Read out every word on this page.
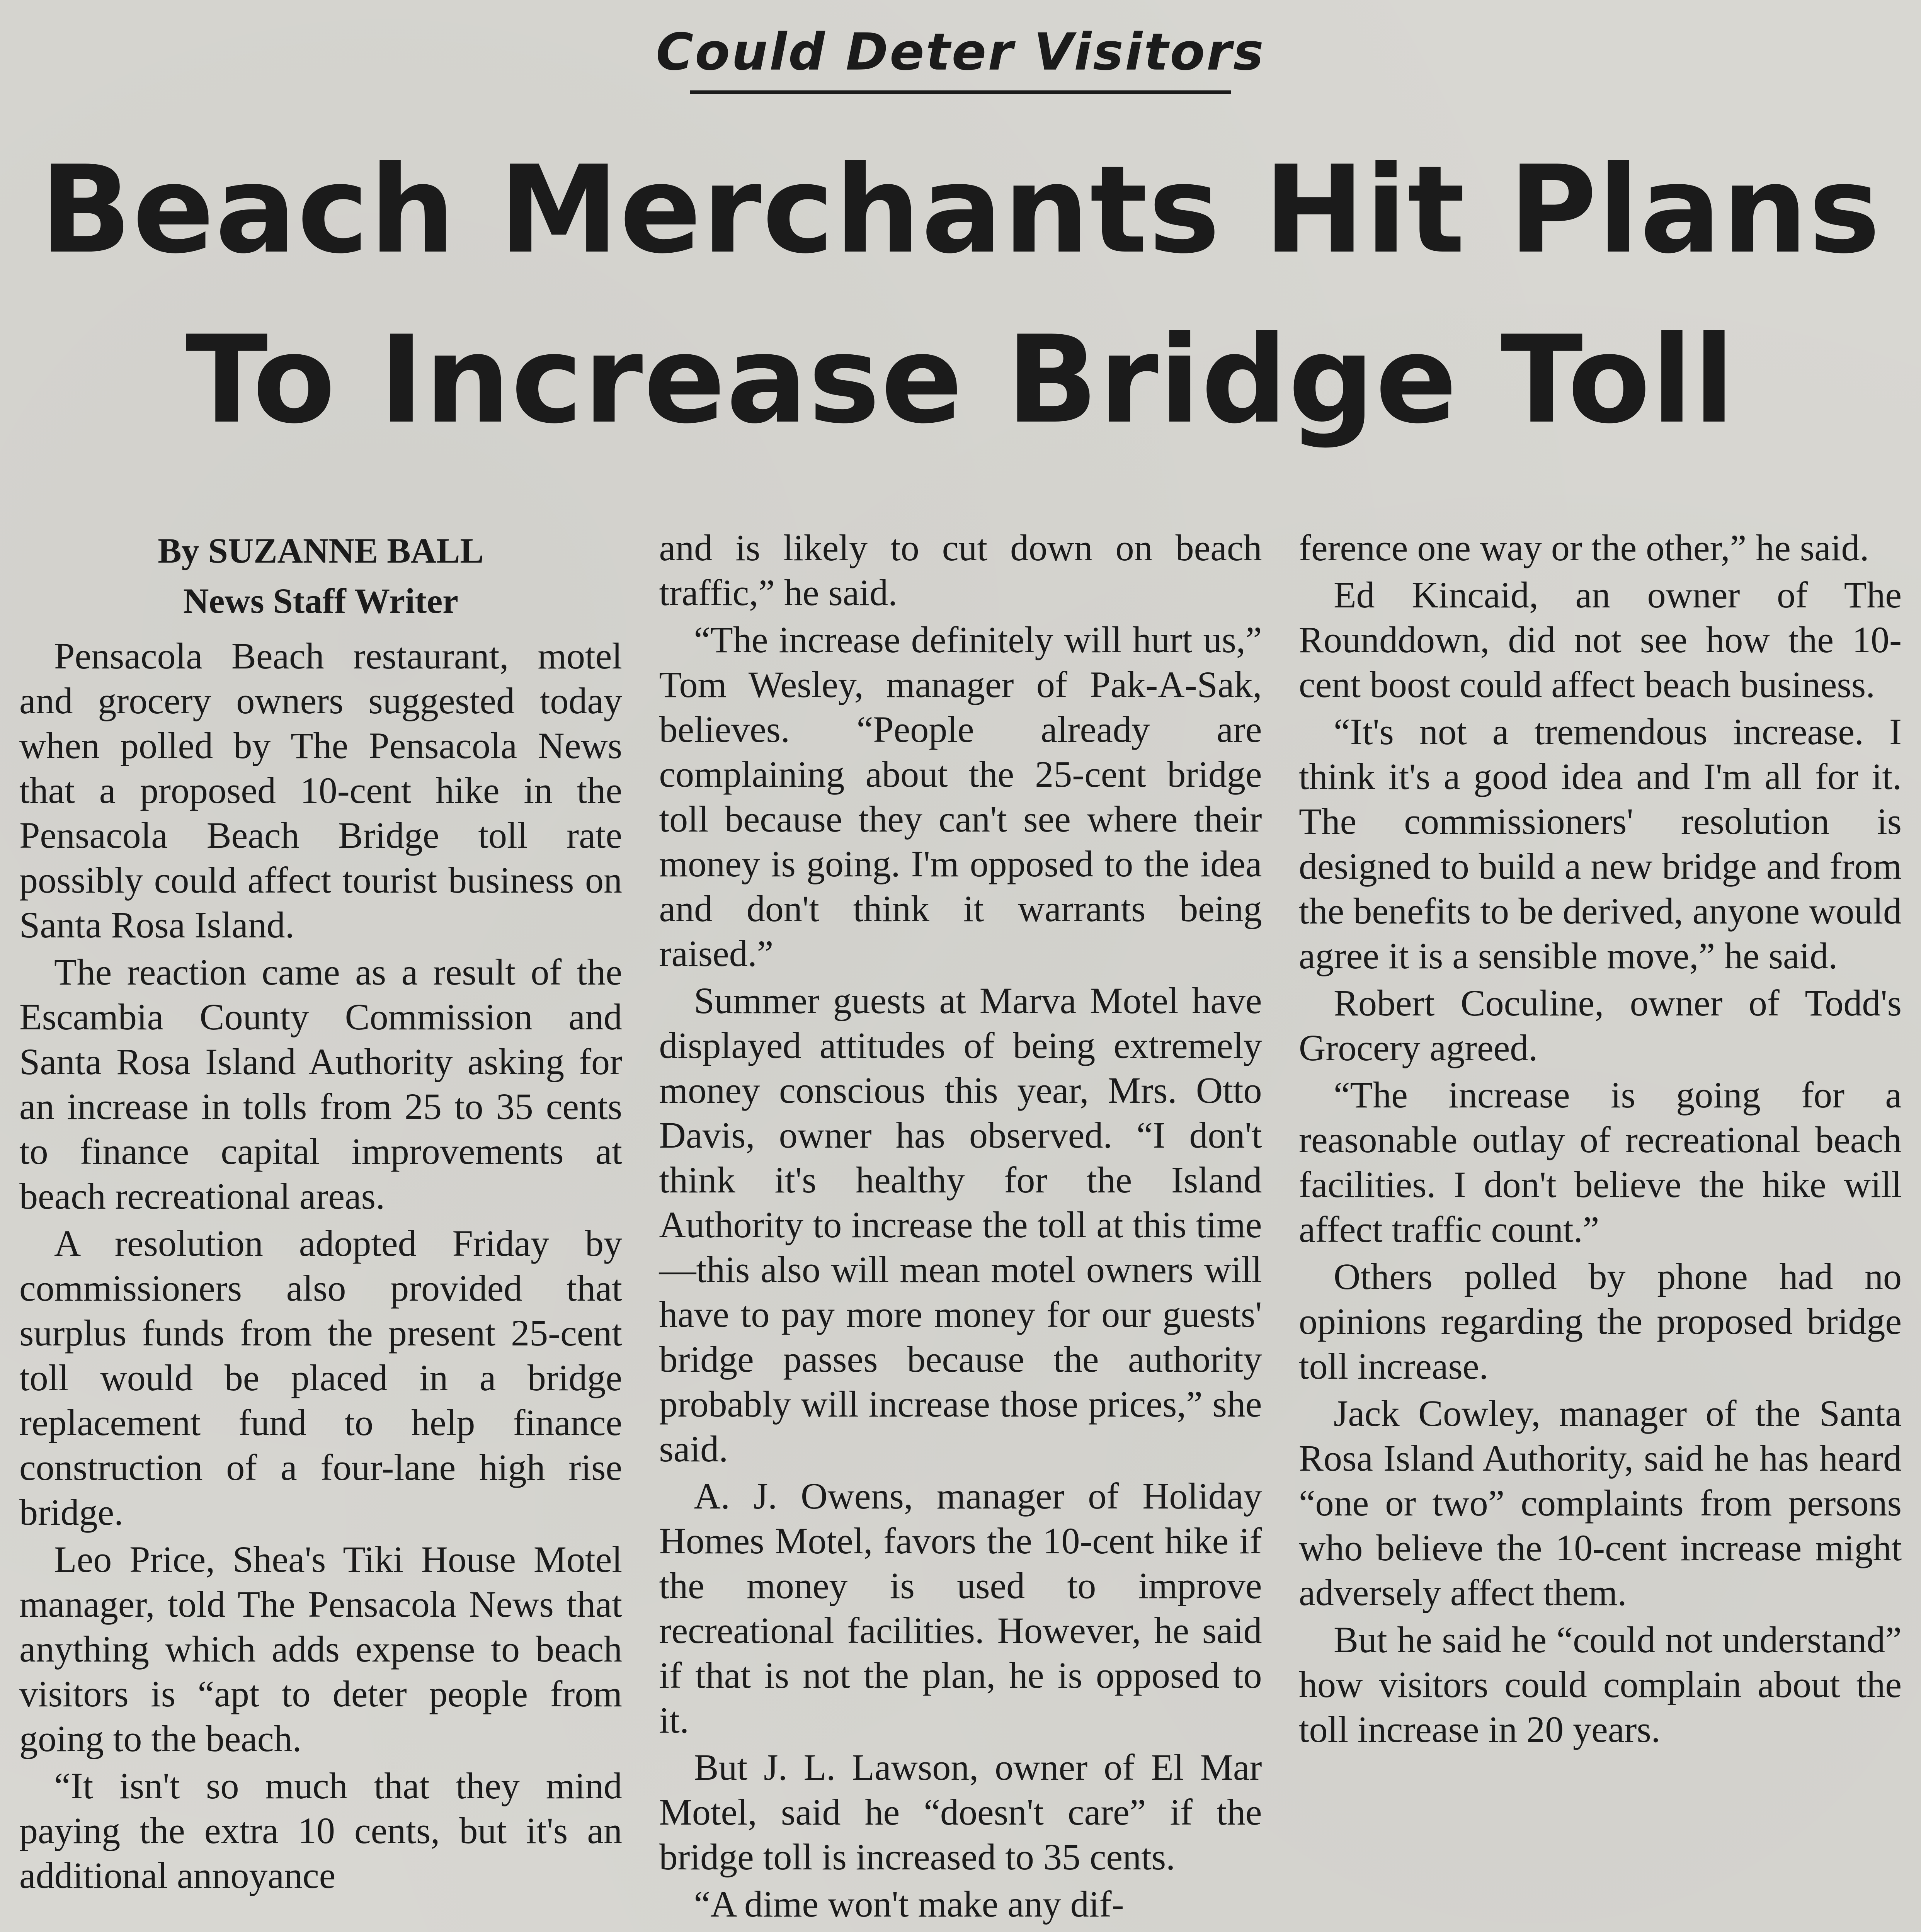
Could Deter Visitors
Beach Merchants Hit Plans
To Increase Bridge Toll
By SUZANNE BALL
News Staff Writer

Pensacola Beach restaurant, motel and grocery owners suggested today when polled by The Pensacola News that a proposed 10-cent hike in the Pensacola Beach Bridge toll rate possibly could affect tourist business on Santa Rosa Island.

The reaction came as a result of the Escambia County Commission and Santa Rosa Island Authority asking for an increase in tolls from 25 to 35 cents to finance capital improvements at beach recreational areas.

A resolution adopted Friday by commissioners also provided that surplus funds from the present 25-cent toll would be placed in a bridge replacement fund to help finance construction of a four-lane high rise bridge.

Leo Price, Shea's Tiki House Motel manager, told The Pensacola News that anything which adds expense to beach visitors is “apt to deter people from going to the beach.

“It isn't so much that they mind paying the extra 10 cents, but it's an additional annoyance

and is likely to cut down on beach traffic,” he said.

“The increase definitely will hurt us,” Tom Wesley, manager of Pak-A-Sak, believes. “People already are complaining about the 25-cent bridge toll because they can't see where their money is going. I'm opposed to the idea and don't think it warrants being raised.”

Summer guests at Marva Motel have displayed attitudes of being extremely money conscious this year, Mrs. Otto Davis, owner has observed. “I don't think it's healthy for the Island Authority to increase the toll at this time—this also will mean motel owners will have to pay more money for our guests' bridge passes because the authority probably will increase those prices,” she said.

A. J. Owens, manager of Holiday Homes Motel, favors the 10-cent hike if the money is used to improve recreational facilities. However, he said if that is not the plan, he is opposed to it.

But J. L. Lawson, owner of El Mar Motel, said he “doesn't care” if the bridge toll is increased to 35 cents.

“A dime won't make any dif-

ference one way or the other,” he said.

Ed Kincaid, an owner of The Rounddown, did not see how the 10-cent boost could affect beach business.

“It's not a tremendous increase. I think it's a good idea and I'm all for it. The commissioners' resolution is designed to build a new bridge and from the benefits to be derived, anyone would agree it is a sensible move,” he said.

Robert Coculine, owner of Todd's Grocery agreed.

“The increase is going for a reasonable outlay of recreational beach facilities. I don't believe the hike will affect traffic count.”

Others polled by phone had no opinions regarding the proposed bridge toll increase.

Jack Cowley, manager of the Santa Rosa Island Authority, said he has heard “one or two” complaints from persons who believe the 10-cent increase might adversely affect them.

But he said he “could not understand” how visitors could complain about the toll increase in 20 years.
